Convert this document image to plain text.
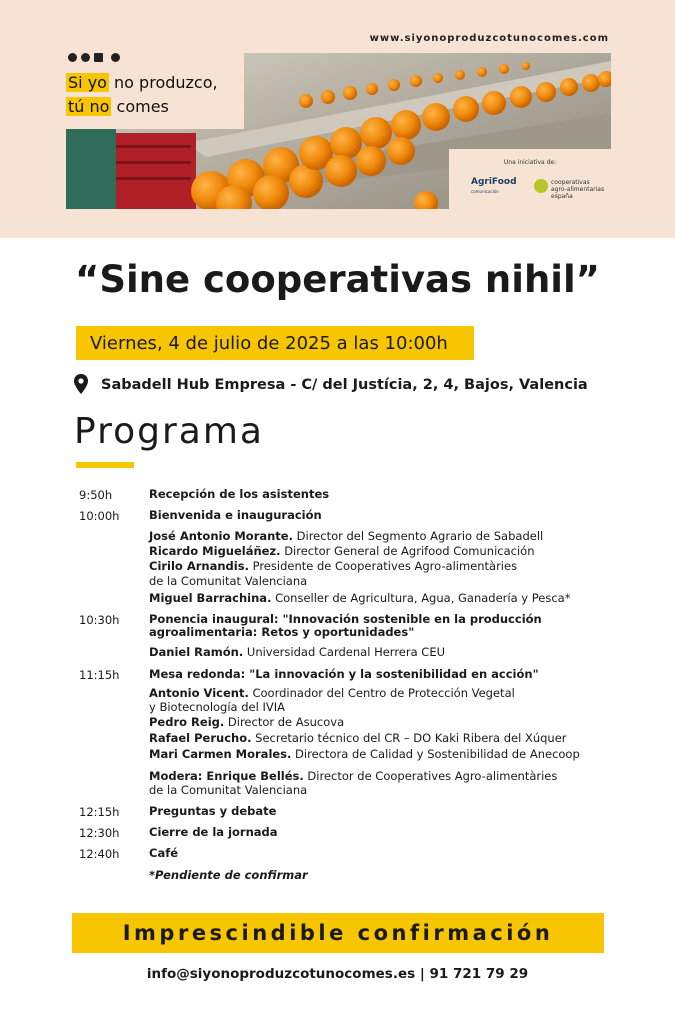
www.siyonoproduzcotunocomes.com
Si yo no produzco,
tú no comes
Una iniciativa de:
AgriFood
comunicación
cooperativas
agro-alimentarias
españa
“Sine cooperativas nihil”
Viernes, 4 de julio de 2025 a las 10:00h
Sabadell Hub Empresa - C/ del Justícia, 2, 4, Bajos, Valencia
Programa
9:50h	Recepción de los asistentes
10:00h	Bienvenida e inauguración
José Antonio Morante. Director del Segmento Agrario de Sabadell
Ricardo Migueláñez. Director General de Agrifood Comunicación
Cirilo Arnandis. Presidente de Cooperatives Agro-alimentàries
de la Comunitat Valenciana
Miguel Barrachina. Conseller de Agricultura, Agua, Ganadería y Pesca*
10:30h	Ponencia inaugural: "Innovación sostenible en la producción
agroalimentaria: Retos y oportunidades"
Daniel Ramón. Universidad Cardenal Herrera CEU
11:15h	Mesa redonda: "La innovación y la sostenibilidad en acción"
Antonio Vicent. Coordinador del Centro de Protección Vegetal
y Biotecnología del IVIA
Pedro Reig. Director de Asucova
Rafael Perucho. Secretario técnico del CR – DO Kaki Ribera del Xúquer
Mari Carmen Morales. Directora de Calidad y Sostenibilidad de Anecoop
Modera: Enrique Bellés. Director de Cooperatives Agro-alimentàries
de la Comunitat Valenciana
12:15h	Preguntas y debate
12:30h	Cierre de la jornada
12:40h	Café
*Pendiente de confirmar
Imprescindible confirmación
info@siyonoproduzcotunocomes.es | 91 721 79 29
